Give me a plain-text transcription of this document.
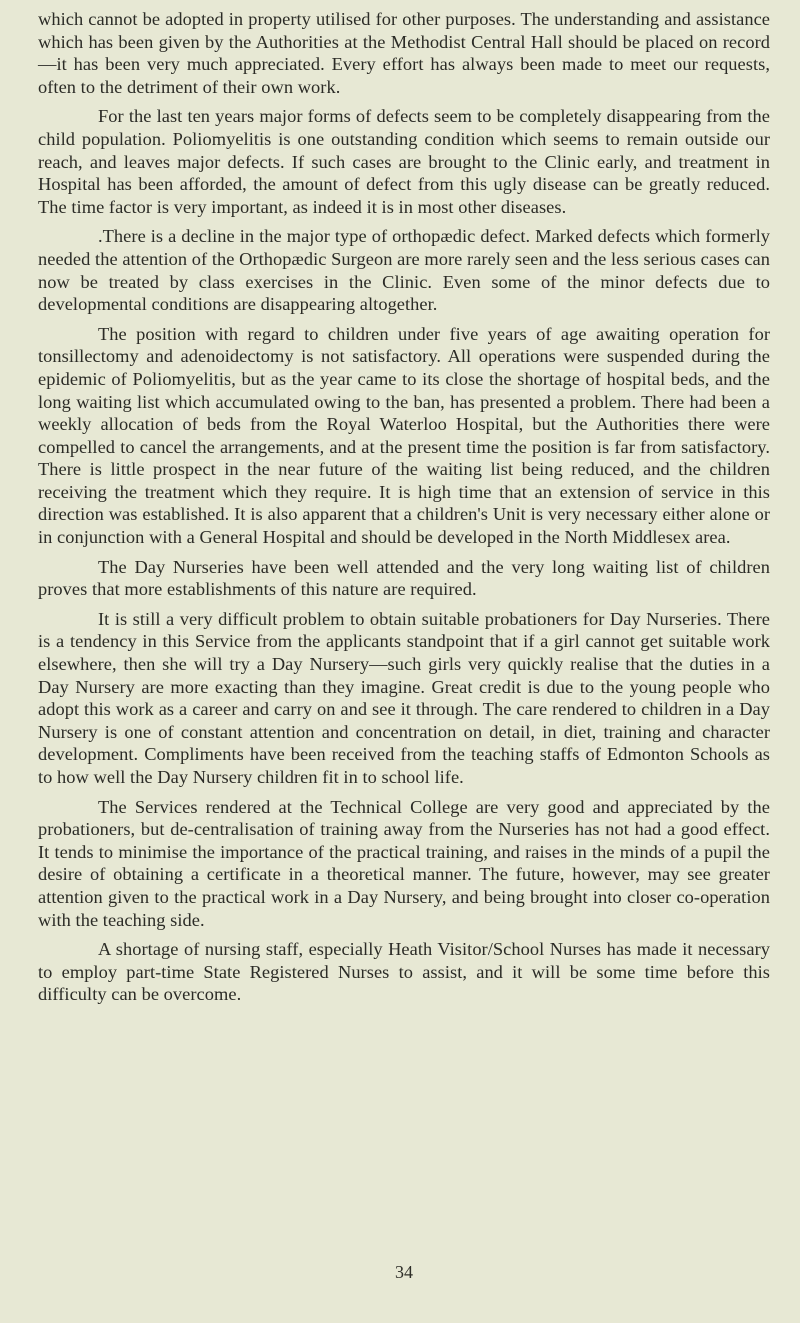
which cannot be adopted in property utilised for other purposes. The understanding and assistance which has been given by the Authorities at the Methodist Central Hall should be placed on record—it has been very much appreciated. Every effort has always been made to meet our requests, often to the detriment of their own work.

For the last ten years major forms of defects seem to be completely disappearing from the child population. Poliomyelitis is one outstanding condition which seems to remain outside our reach, and leaves major defects. If such cases are brought to the Clinic early, and treatment in Hospital has been afforded, the amount of defect from this ugly disease can be greatly reduced. The time factor is very important, as indeed it is in most other diseases.

.There is a decline in the major type of orthopædic defect. Marked defects which formerly needed the attention of the Orthopædic Surgeon are more rarely seen and the less serious cases can now be treated by class exercises in the Clinic. Even some of the minor defects due to developmental conditions are disappearing altogether.

The position with regard to children under five years of age awaiting operation for tonsillectomy and adenoidectomy is not satisfactory. All operations were suspended during the epidemic of Poliomyelitis, but as the year came to its close the shortage of hospital beds, and the long waiting list which accumulated owing to the ban, has presented a problem. There had been a weekly allocation of beds from the Royal Waterloo Hospital, but the Authorities there were compelled to cancel the arrangements, and at the present time the position is far from satisfactory. There is little prospect in the near future of the waiting list being reduced, and the children receiving the treatment which they require. It is high time that an extension of service in this direction was established. It is also apparent that a children's Unit is very necessary either alone or in conjunction with a General Hospital and should be developed in the North Middlesex area.

The Day Nurseries have been well attended and the very long waiting list of children proves that more establishments of this nature are required.

It is still a very difficult problem to obtain suitable probationers for Day Nurseries. There is a tendency in this Service from the applicants standpoint that if a girl cannot get suitable work elsewhere, then she will try a Day Nursery—such girls very quickly realise that the duties in a Day Nursery are more exacting than they imagine. Great credit is due to the young people who adopt this work as a career and carry on and see it through. The care rendered to children in a Day Nursery is one of constant attention and concentration on detail, in diet, training and character development. Compliments have been received from the teaching staffs of Edmonton Schools as to how well the Day Nursery children fit in to school life.

The Services rendered at the Technical College are very good and appreciated by the probationers, but de-centralisation of training away from the Nurseries has not had a good effect. It tends to minimise the importance of the practical training, and raises in the minds of a pupil the desire of obtaining a certificate in a theoretical manner. The future, however, may see greater attention given to the practical work in a Day Nursery, and being brought into closer co-operation with the teaching side.

A shortage of nursing staff, especially Heath Visitor/School Nurses has made it necessary to employ part-time State Registered Nurses to assist, and it will be some time before this difficulty can be overcome.

34
